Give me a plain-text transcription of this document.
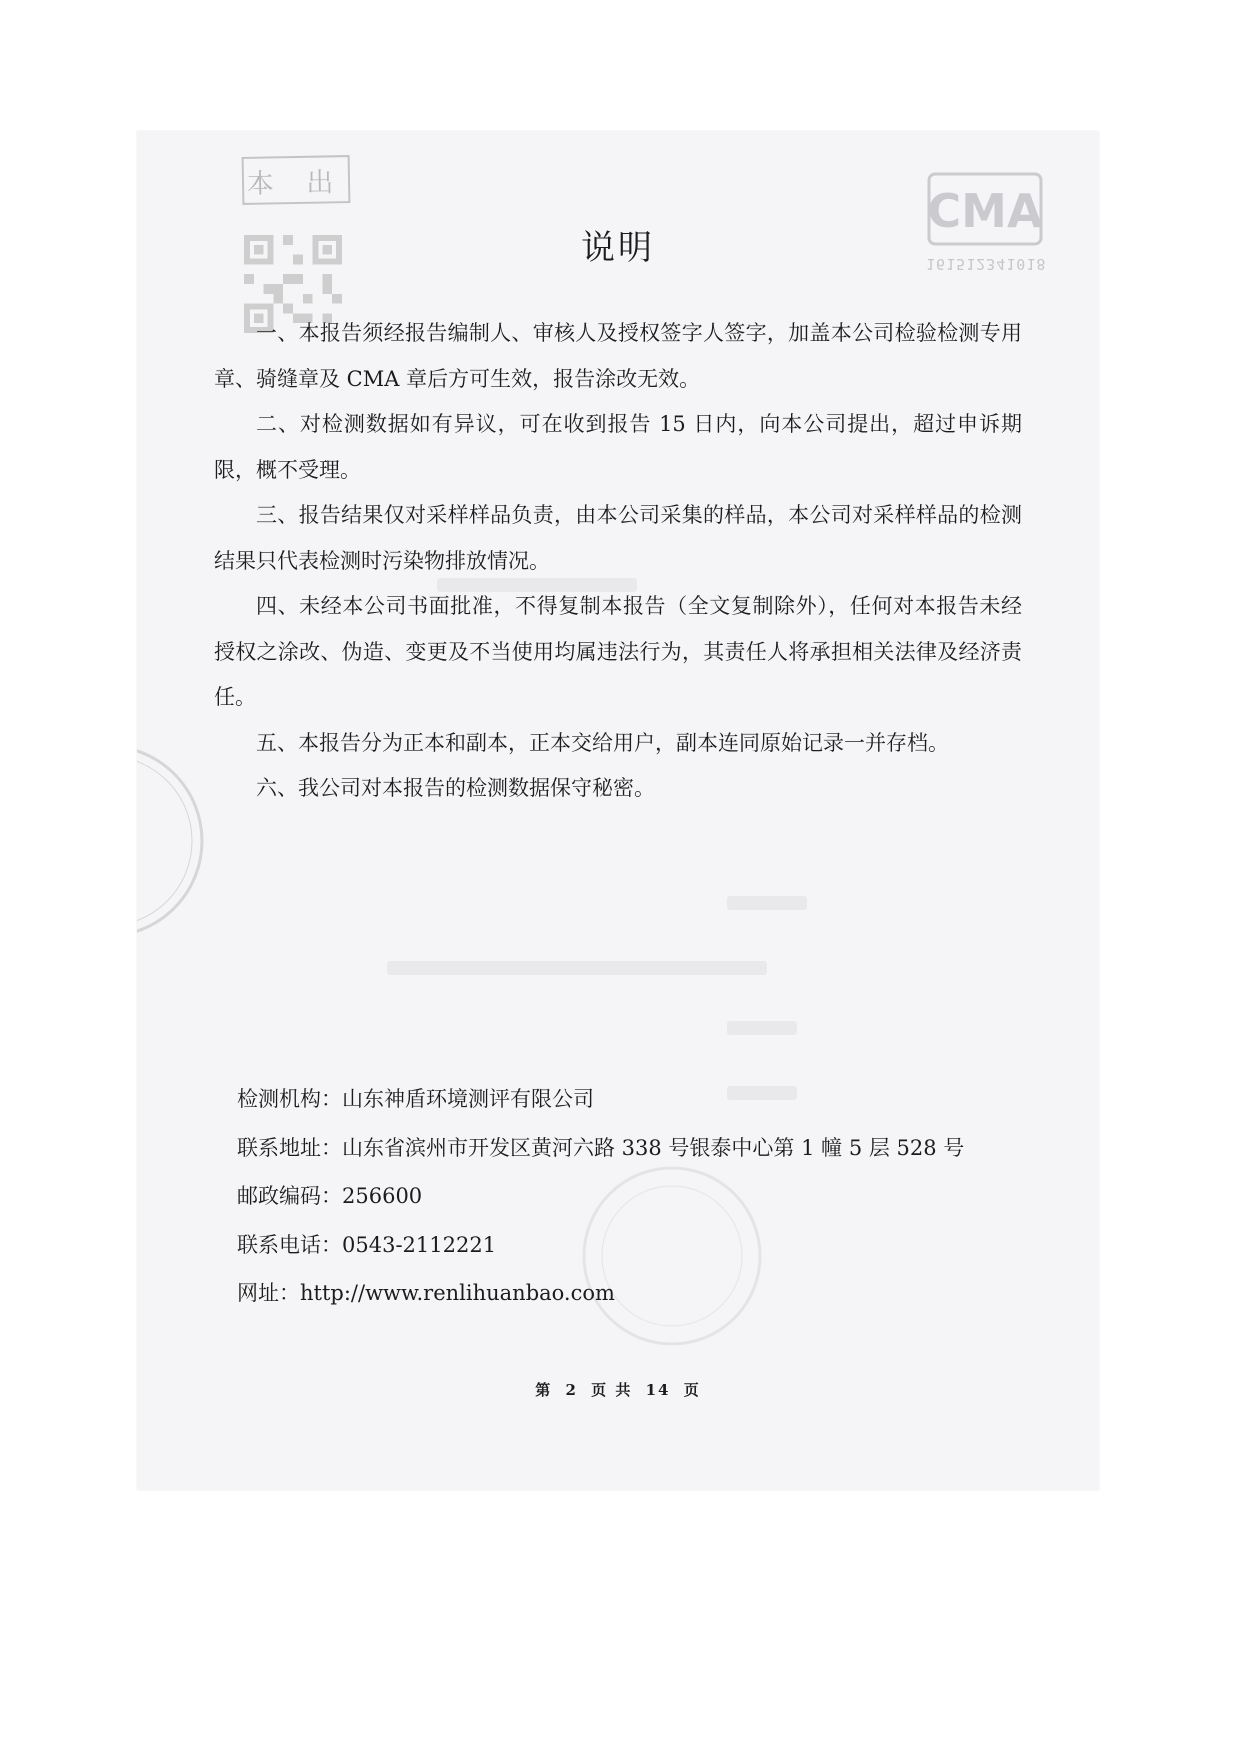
本 出
CMA
161512341018
说明

一、本报告须经报告编制人、审核人及授权签字人签字，加盖本公司检验检测专用章、骑缝章及 CMA 章后方可生效，报告涂改无效。

二、对检测数据如有异议，可在收到报告 15 日内，向本公司提出，超过申诉期限，概不受理。

三、报告结果仅对采样样品负责，由本公司采集的样品，本公司对采样样品的检测结果只代表检测时污染物排放情况。

四、未经本公司书面批准，不得复制本报告（全文复制除外），任何对本报告未经授权之涂改、伪造、变更及不当使用均属违法行为，其责任人将承担相关法律及经济责任。

五、本报告分为正本和副本，正本交给用户，副本连同原始记录一并存档。

六、我公司对本报告的检测数据保守秘密。

检测机构：山东神盾环境测评有限公司
联系地址：山东省滨州市开发区黄河六路 338 号银泰中心第 1 幢 5 层 528 号
邮政编码：256600
联系电话：0543-2112221
网址：http://www.renlihuanbao.com
第 2 页 共 14 页
